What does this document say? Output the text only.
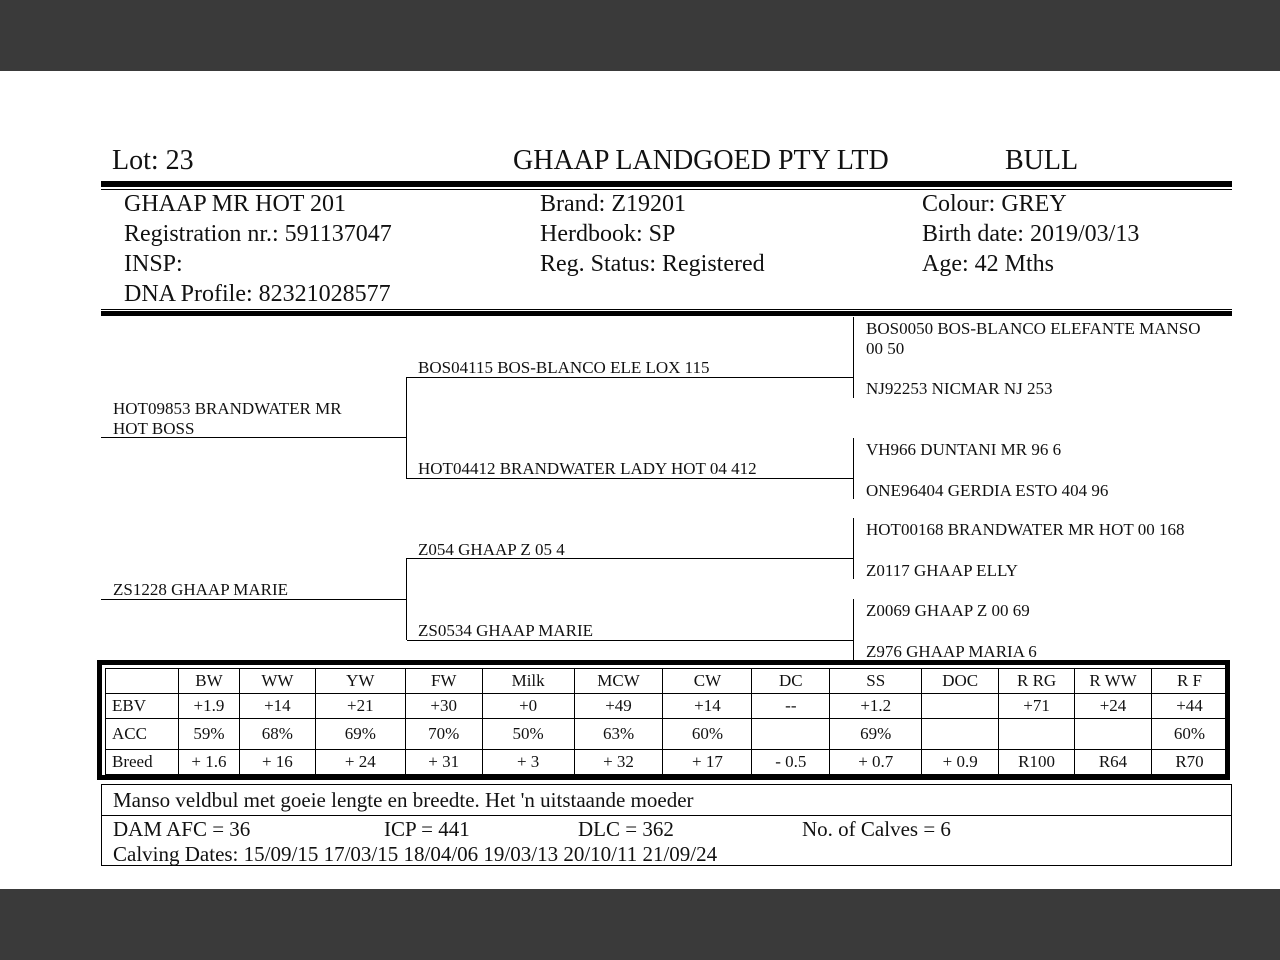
Lot: 23	GHAAP LANDGOED PTY LTD	BULL
GHAAP MR HOT 201
Registration nr.: 591137047
INSP:
DNA Profile: 82321028577
Brand: Z19201
Herdbook: SP
Reg. Status: Registered
Colour: GREY
Birth date: 2019/03/13
Age: 42 Mths
HOT09853 BRANDWATER MR
HOT BOSS
ZS1228 GHAAP MARIE
BOS04115 BOS-BLANCO ELE LOX 115
HOT04412 BRANDWATER LADY HOT 04 412
Z054 GHAAP Z 05 4
ZS0534 GHAAP MARIE
BOS0050 BOS-BLANCO ELEFANTE MANSO
00 50
NJ92253 NICMAR NJ 253
VH966 DUNTANI MR 96 6
ONE96404 GERDIA ESTO 404 96
HOT00168 BRANDWATER MR HOT 00 168
Z0117 GHAAP ELLY
Z0069 GHAAP Z 00 69
Z976 GHAAP MARIA 6
	BW	WW	YW	FW	Milk	MCW	CW	DC	SS	DOC	R RG	R WW	R F
EBV	+1.9	+14	+21	+30	+0	+49	+14	--	+1.2		+71	+24	+44
ACC	59%	68%	69%	70%	50%	63%	60%		69%				60%
Breed	+ 1.6	+ 16	+ 24	+ 31	+ 3	+ 32	+ 17	- 0.5	+ 0.7	+ 0.9	R100	R64	R70
Manso veldbul met goeie lengte en breedte. Het 'n uitstaande moeder
DAM AFC = 36	ICP = 441	DLC = 362	No. of Calves = 6
Calving Dates: 15/09/15 17/03/15 18/04/06 19/03/13 20/10/11 21/09/24
